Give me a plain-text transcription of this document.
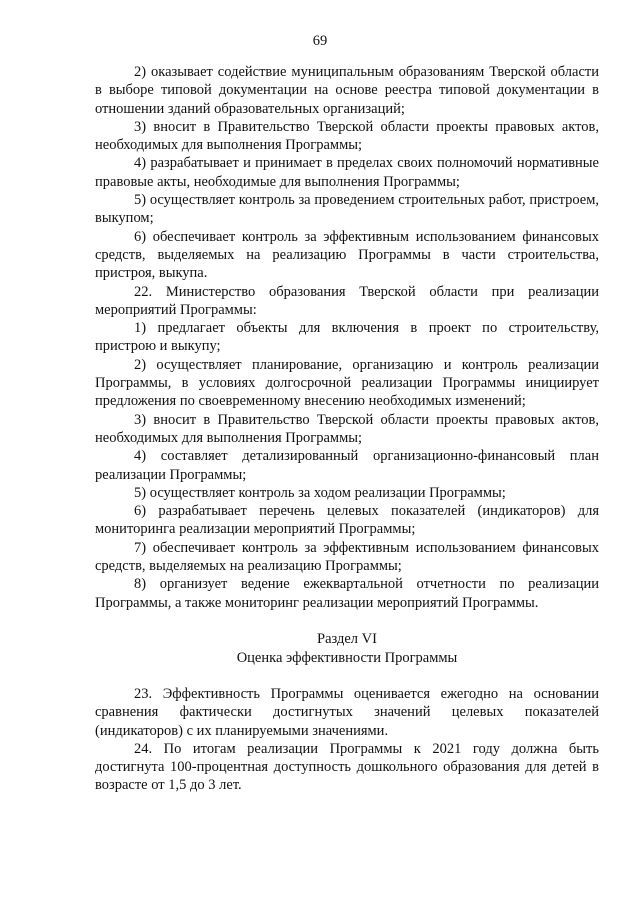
69

2) оказывает содействие муниципальным образованиям Тверской области в выборе типовой документации на основе реестра типовой документации в отношении зданий образовательных организаций;

3) вносит в Правительство Тверской области проекты правовых актов, необходимых для выполнения Программы;

4) разрабатывает и принимает в пределах своих полномочий нормативные правовые акты, необходимые для выполнения Программы;

5) осуществляет контроль за проведением строительных работ, пристроем, выкупом;

6) обеспечивает контроль за эффективным использованием финансовых средств, выделяемых на реализацию Программы в части строительства, пристроя, выкупа.

22. Министерство образования Тверской области при реализации мероприятий Программы:

1) предлагает объекты для включения в проект по строительству, пристрою и выкупу;

2) осуществляет планирование, организацию и контроль реализации Программы, в условиях долгосрочной реализации Программы инициирует предложения по своевременному внесению необходимых изменений;

3) вносит в Правительство Тверской области проекты правовых актов, необходимых для выполнения Программы;

4) составляет детализированный организационно-финансовый план реализации Программы;

5) осуществляет контроль за ходом реализации Программы;

6) разрабатывает перечень целевых показателей (индикаторов) для мониторинга реализации мероприятий Программы;

7) обеспечивает контроль за эффективным использованием финансовых средств, выделяемых на реализацию Программы;

8) организует ведение ежеквартальной отчетности по реализации Программы, а также мониторинг реализации мероприятий Программы.

Раздел VI
Оценка эффективности Программы

23. Эффективность Программы оценивается ежегодно на основании сравнения фактически достигнутых значений целевых показателей (индикаторов) с их планируемыми значениями.

24. По итогам реализации Программы к 2021 году должна быть достигнута 100-процентная доступность дошкольного образования для детей в возрасте от 1,5 до 3 лет.
